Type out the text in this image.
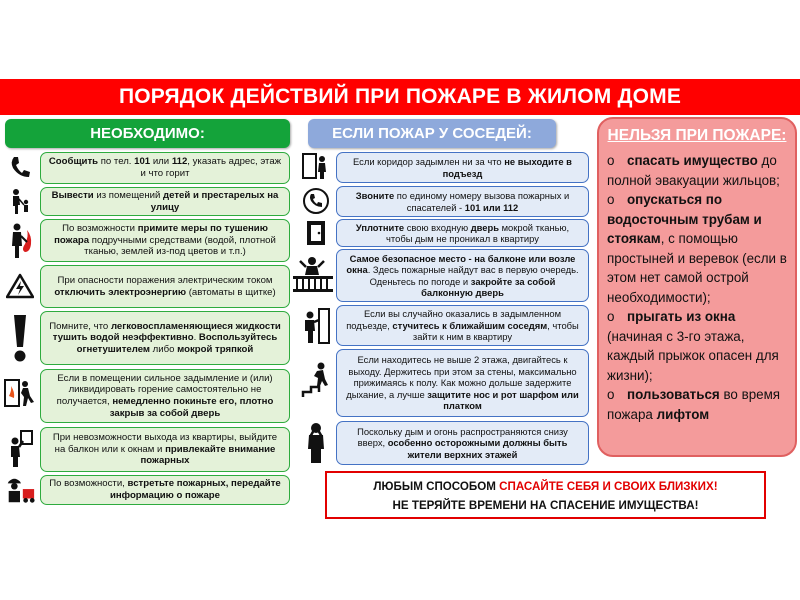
ПОРЯДОК ДЕЙСТВИЙ ПРИ ПОЖАРЕ В ЖИЛОМ ДОМЕ
НЕОБХОДИМО:	ЕСЛИ ПОЖАР У СОСЕДЕЙ:
Сообщить по тел. 101 или 112, указать адрес, этаж и что горит
Вывести из помещений детей и престарелых на улицу
По возможности примите меры по тушению пожара подручными средствами (водой, плотной тканью, землей из-под цветов и т.п.)
При опасности поражения электрическим током отключить электроэнергию (автоматы в щитке)
Помните, что легковоспламеняющиеся жидкости тушить водой неэффективно. Воспользуйтесь огнетушителем либо мокрой тряпкой
Если в помещении сильное задымление и (или) ликвидировать горение самостоятельно не получается, немедленно покиньте его, плотно закрыв за собой дверь
При невозможности выхода из квартиры, выйдите на балкон или к окнам и привлекайте внимание пожарных
По возможности, встретьте пожарных, передайте информацию о пожаре
Если коридор задымлен ни за что не выходите в подъезд
Звоните по единому номеру вызова пожарных и спасателей - 101 или 112
Уплотните свою входную дверь мокрой тканью, чтобы дым не проникал в квартиру
Самое безопасное место - на балконе или возле окна. Здесь пожарные найдут вас в первую очередь. Оденьтесь по погоде и закройте за собой балконную дверь
Если вы случайно оказались в задымленном подъезде, стучитесь к ближайшим соседям, чтобы зайти к ним в квартиру
Если находитесь не выше 2 этажа, двигайтесь к выходу. Держитесь при этом за стены, максимально прижимаясь к полу. Как можно дольше задержите дыхание, а лучше защитите нос и рот шарфом или платком
Поскольку дым и огонь распространяются снизу вверх, особенно осторожными должны быть жители верхних этажей
НЕЛЬЗЯ ПРИ ПОЖАРЕ:
o спасать имущество до полной эвакуации жильцов;
o опускаться по водосточным трубам и стоякам, с помощью простыней и веревок (если в этом нет самой острой необходимости);
o прыгать из окна (начиная с 3-го этажа, каждый прыжок опасен для жизни);
o пользоваться во время пожара лифтом
ЛЮБЫМ СПОСОБОМ СПАСАЙТЕ СЕБЯ И СВОИХ БЛИЗКИХ!
НЕ ТЕРЯЙТЕ ВРЕМЕНИ НА СПАСЕНИЕ ИМУЩЕСТВА!
